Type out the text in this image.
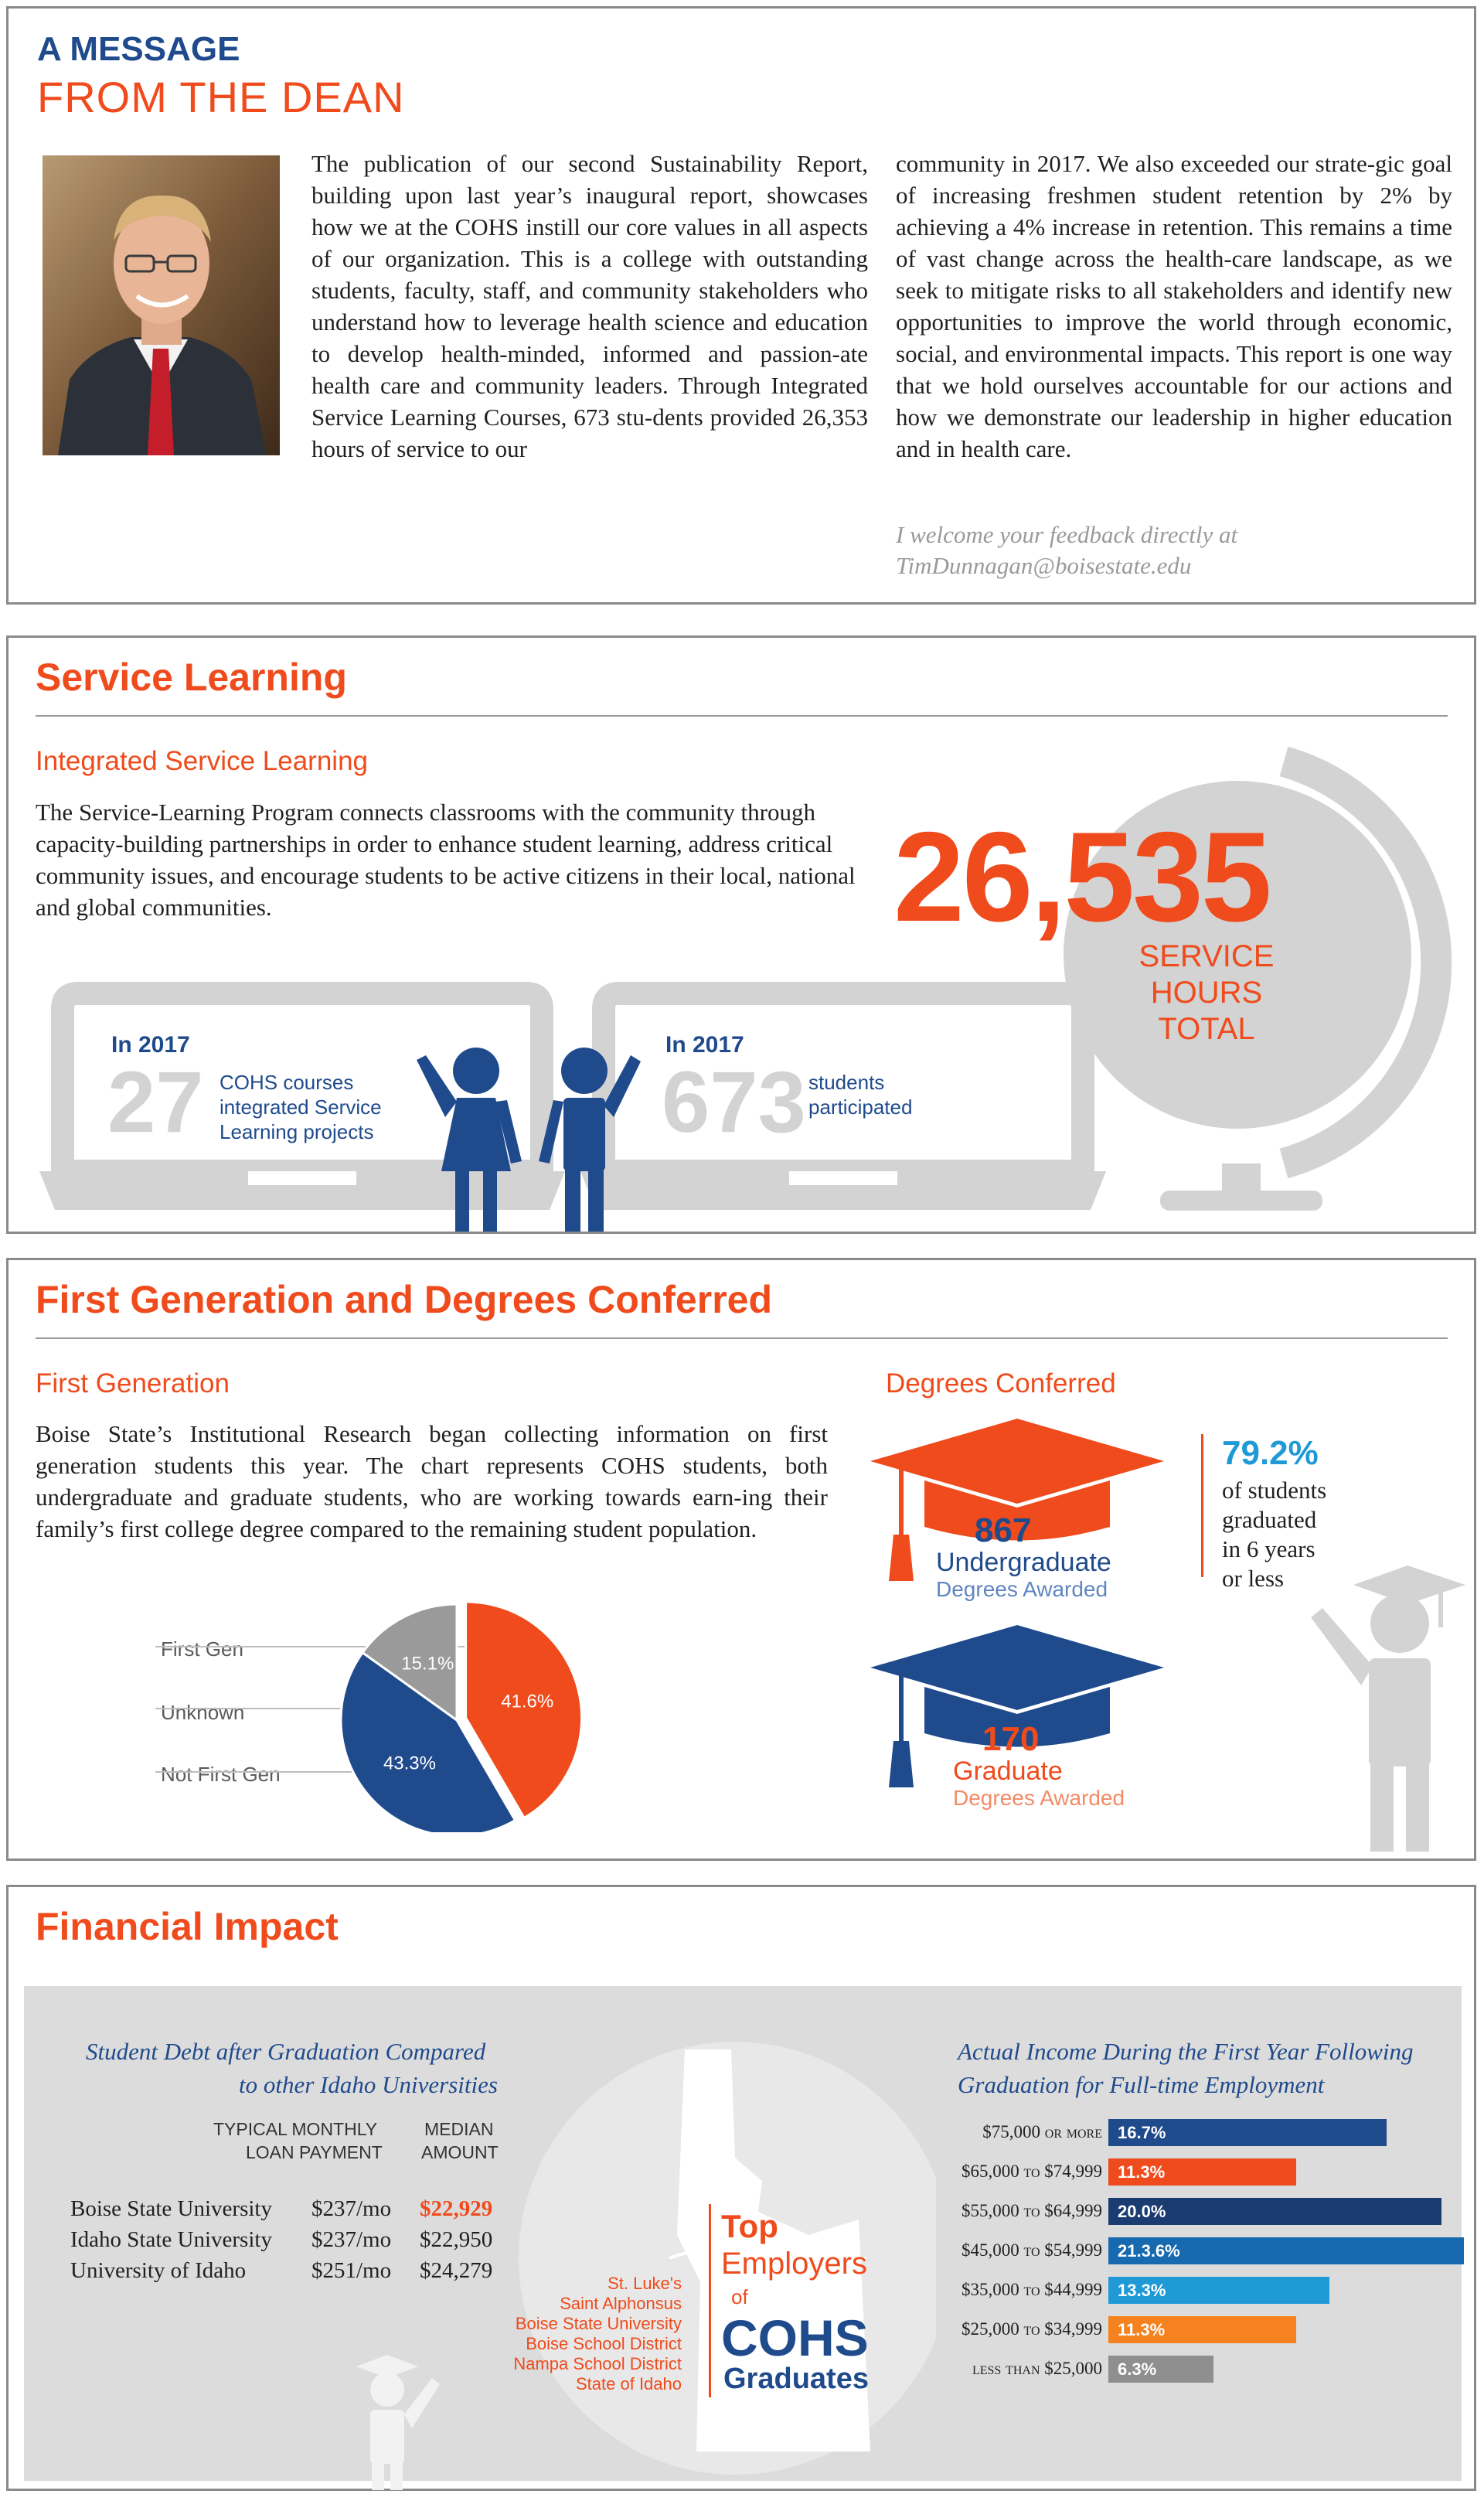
A MESSAGE
FROM THE DEAN
The publication of our second Sustainability Report, building upon last year’s inaugural report, showcases how we at the COHS instill our core values in all aspects of our organization. This is a college with outstanding students, faculty, staff, and community stakeholders who understand how to leverage health science and education to develop health-minded, informed and passion-ate health care and community leaders. Through Integrated Service Learning Courses, 673 stu-dents provided 26,353 hours of service to our
community in 2017. We also exceeded our strate-gic goal of increasing freshmen student retention by 2% by achieving a 4% increase in retention. This remains a time of vast change across the health-care landscape, as we seek to mitigate risks to all stakeholders and identify new opportunities to improve the world through economic, social, and environmental impacts. This report is one way that we hold ourselves accountable for our actions and how we demonstrate our leadership in higher education and in health care.
I welcome your feedback directly at
TimDunnagan@boisestate.edu
Service Learning
Integrated Service Learning
The Service-Learning Program connects classrooms with the community through capacity-building partnerships in order to enhance student learning, address critical community issues, and encourage students to be active citizens in their local, national and global communities.	26,535
SERVICE
HOURS
TOTAL
In 2017
27 COHS courses
integrated Service
Learning projects
In 2017
673 students
participated
First Generation and Degrees Conferred
First Generation
Boise State’s Institutional Research began collecting information on first generation students this year. The chart represents COHS students, both undergraduate and graduate students, who are working towards earn-ing their family’s first college degree compared to the remaining student population.
First Gen
Unknown
Not First Gen
41.6%
43.3%
15.1%
Degrees Conferred
867
Undergraduate
Degrees Awarded
170
Graduate
Degrees Awarded
79.2%
of students
graduated
in 6 years
or less
Financial Impact
Student Debt after Graduation Compared
to other Idaho Universities
TYPICAL MONTHLY
LOAN PAYMENT
MEDIAN
AMOUNT
Boise State University $237/mo $22,929
Idaho State University $237/mo $22,950
University of Idaho	$251/mo $24,279
St. Luke's
Saint Alphonsus
Boise State University
Boise School District
Nampa School District
State of Idaho
Top
Employers
of
COHS
Graduates
Actual Income During the First Year Following
Graduation for Full-time Employment
$75,000 or more 16.7%
$65,000 to $74,999 11.3%
$55,000 to $64,999 20.0%
$45,000 to $54,999 21.3.6%
$35,000 to $44,999 13.3%
$25,000 to $34,999 11.3%
less than $25,000 6.3%
